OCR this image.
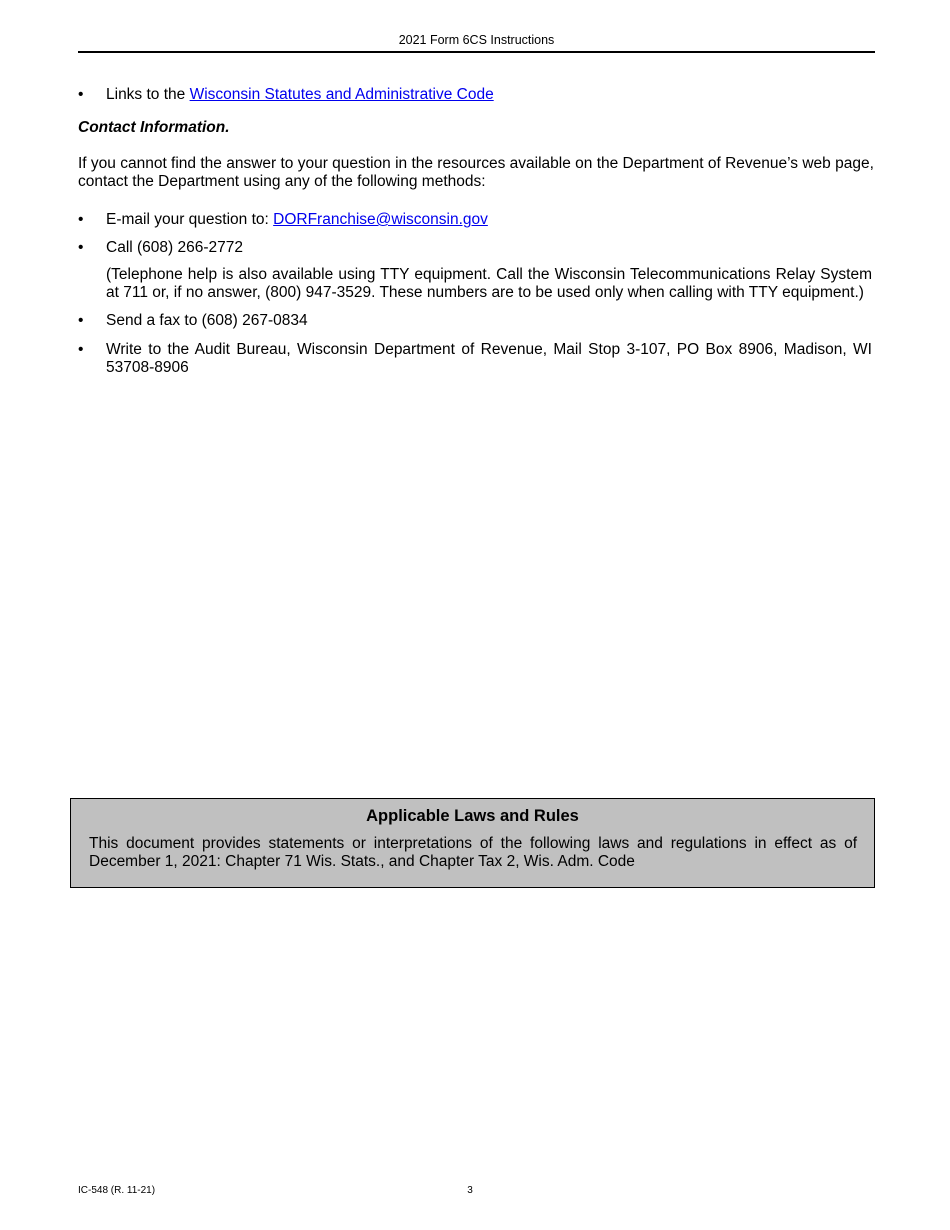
2021 Form 6CS Instructions
• Links to the Wisconsin Statutes and Administrative Code
Contact Information.
If you cannot find the answer to your question in the resources available on the Department of Revenue’s web page, contact the Department using any of the following methods:
• E-mail your question to: DORFranchise@wisconsin.gov
• Call (608) 266-2772
(Telephone help is also available using TTY equipment. Call the Wisconsin Telecommunications Relay System at 711 or, if no answer, (800) 947-3529. These numbers are to be used only when calling with TTY equipment.)
• Send a fax to (608) 267-0834
• Write to the Audit Bureau, Wisconsin Department of Revenue, Mail Stop 3-107, PO Box 8906, Madison, WI 53708-8906
Applicable Laws and Rules
This document provides statements or interpretations of the following laws and regulations in effect as of December 1, 2021: Chapter 71 Wis. Stats., and Chapter Tax 2, Wis. Adm. Code
IC-548 (R. 11-21)	3
